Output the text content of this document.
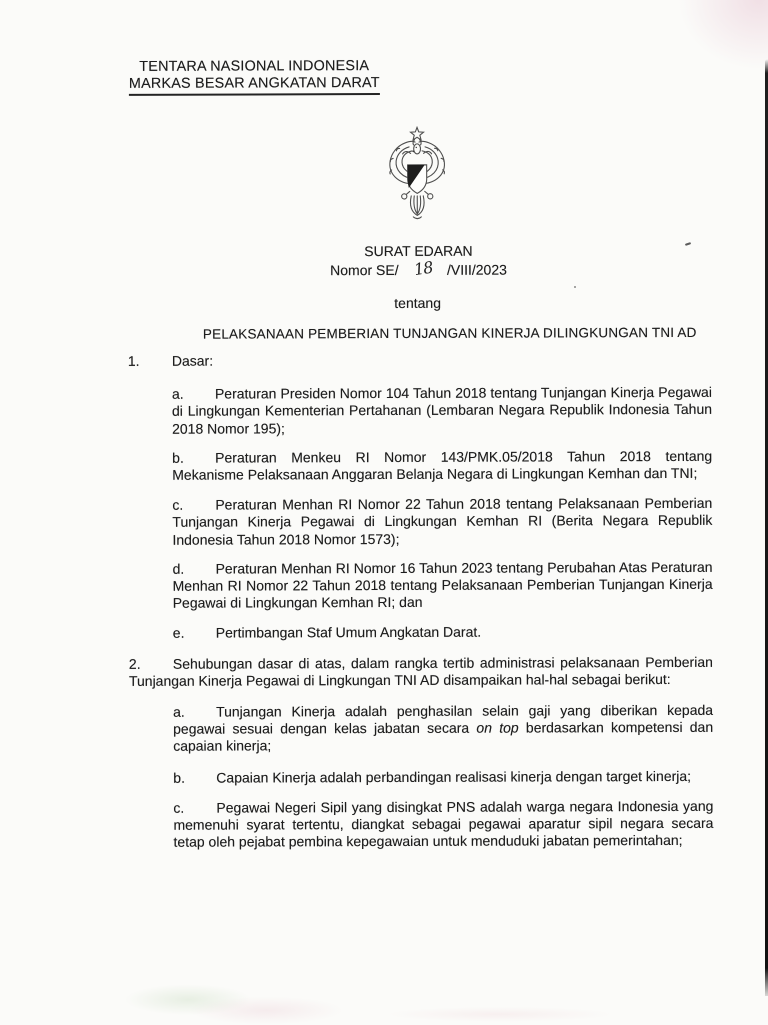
TENTARA NASIONAL INDONESIA
MARKAS BESAR ANGKATAN DARAT
SURAT EDARAN
Nomor SE/ 18 /VIII/2023
tentang
PELAKSANAAN PEMBERIAN TUNJANGAN KINERJA DILINGKUNGAN TNI AD
1. Dasar:
a. Peraturan Presiden Nomor 104 Tahun 2018 tentang Tunjangan Kinerja Pegawai di Lingkungan Kementerian Pertahanan (Lembaran Negara Republik Indonesia Tahun 2018 Nomor 195);
b. Peraturan Menkeu RI Nomor 143/PMK.05/2018 Tahun 2018 tentang Mekanisme Pelaksanaan Anggaran Belanja Negara di Lingkungan Kemhan dan TNI;
c. Peraturan Menhan RI Nomor 22 Tahun 2018 tentang Pelaksanaan Pemberian Tunjangan Kinerja Pegawai di Lingkungan Kemhan RI (Berita Negara Republik Indonesia Tahun 2018 Nomor 1573);
d. Peraturan Menhan RI Nomor 16 Tahun 2023 tentang Perubahan Atas Peraturan Menhan RI Nomor 22 Tahun 2018 tentang Pelaksanaan Pemberian Tunjangan Kinerja Pegawai di Lingkungan Kemhan RI; dan
e. Pertimbangan Staf Umum Angkatan Darat.
2. Sehubungan dasar di atas, dalam rangka tertib administrasi pelaksanaan Pemberian Tunjangan Kinerja Pegawai di Lingkungan TNI AD disampaikan hal-hal sebagai berikut:
a. Tunjangan Kinerja adalah penghasilan selain gaji yang diberikan kepada pegawai sesuai dengan kelas jabatan secara on top berdasarkan kompetensi dan capaian kinerja;
b. Capaian Kinerja adalah perbandingan realisasi kinerja dengan target kinerja;
c. Pegawai Negeri Sipil yang disingkat PNS adalah warga negara Indonesia yang memenuhi syarat tertentu, diangkat sebagai pegawai aparatur sipil negara secara tetap oleh pejabat pembina kepegawaian untuk menduduki jabatan pemerintahan;
